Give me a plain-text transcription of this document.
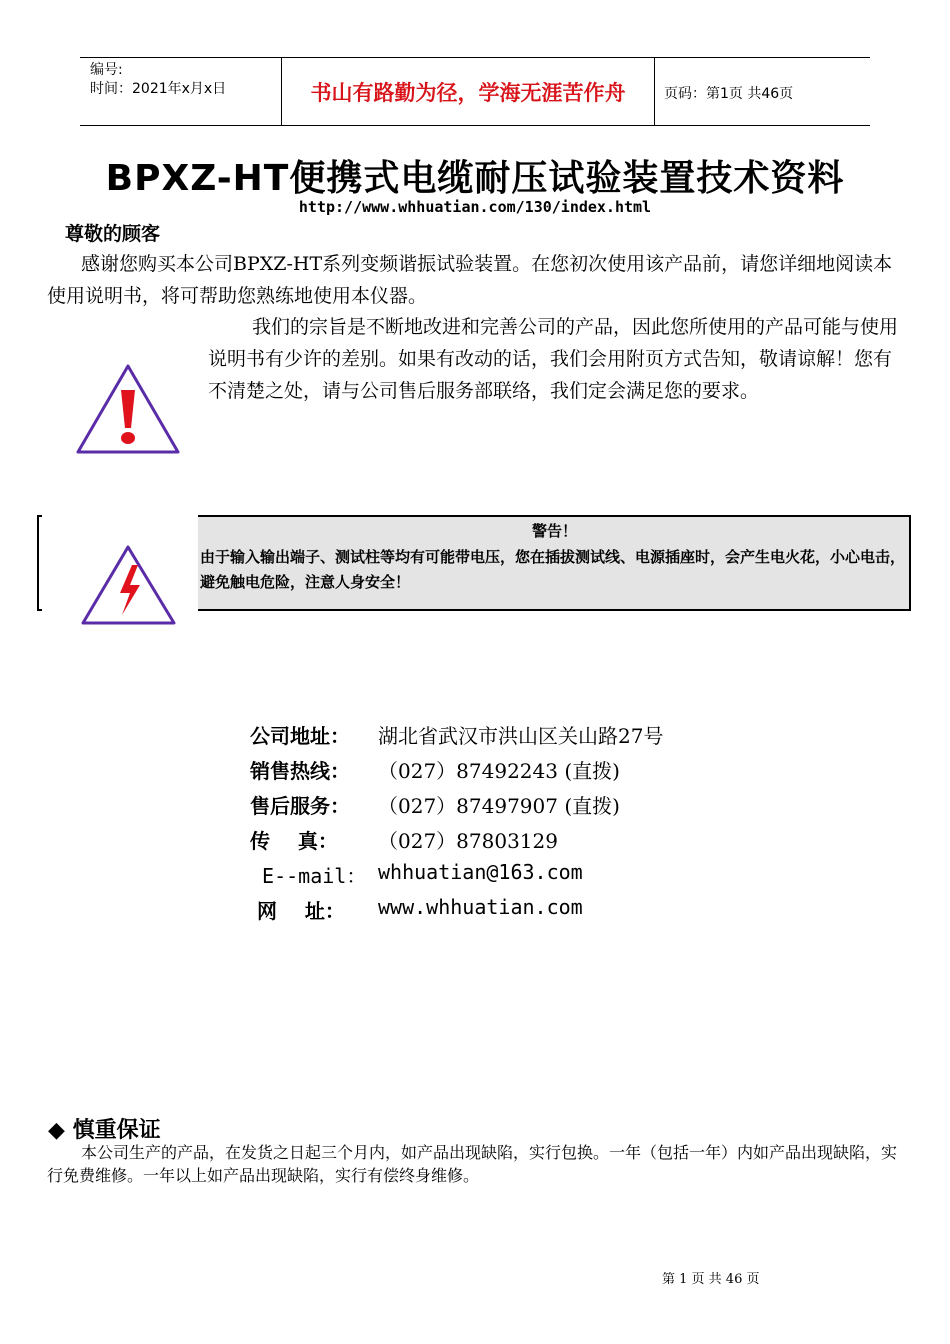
编号:
时间：2021年x月x日	书山有路勤为径，学海无涯苦作舟	页码：第1页 共46页
BPXZ-HT便携式电缆耐压试验装置技术资料
http://www.whhuatian.com/130/index.html
尊敬的顾客
感谢您购买本公司BPXZ-HT系列变频谐振试验装置。在您初次使用该产品前，请您详细地阅读本使用说明书，将可帮助您熟练地使用本仪器。
我们的宗旨是不断地改进和完善公司的产品，因此您所使用的产品可能与使用说明书有少许的差别。如果有改动的话，我们会用附页方式告知，敬请谅解！您有不清楚之处，请与公司售后服务部联络，我们定会满足您的要求。
警告！
由于输入输出端子、测试柱等均有可能带电压，您在插拔测试线、电源插座时，会产生电火花，小心电击，避免触电危险，注意人身安全！
公司地址：	湖北省武汉市洪山区关山路27号
销售热线：	（027）87492243 (直拨)
售后服务：	（027）87497907 (直拨)
传    真：	（027）87803129
E--mail： whhuatian@163.com
网    址：	www.whhuatian.com
◆ 慎重保证
本公司生产的产品，在发货之日起三个月内，如产品出现缺陷，实行包换。一年（包括一年）内如产品出现缺陷，实行免费维修。一年以上如产品出现缺陷，实行有偿终身维修。
第 1 页 共 46 页
